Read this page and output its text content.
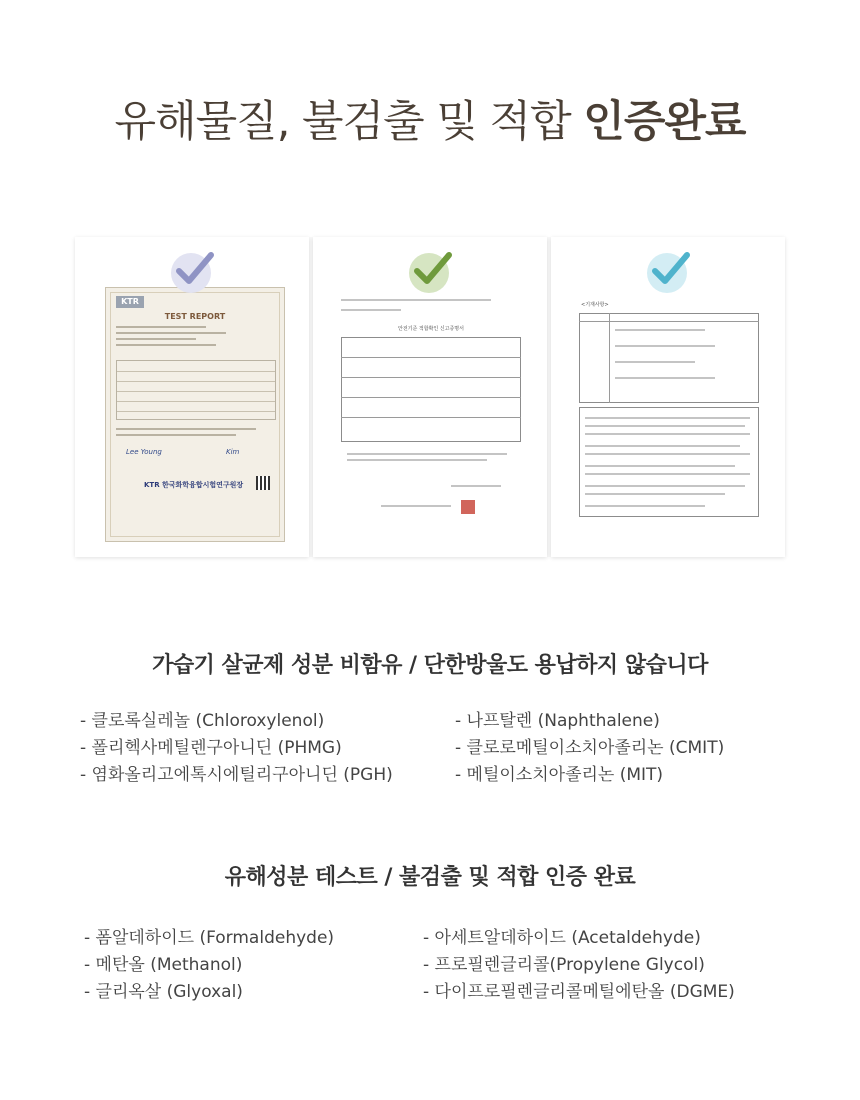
유해물질, 불검출 및 적합 인증완료
KTR
TEST REPORT
Lee Young	Kim
KTR 한국화학융합시험연구원장
안전기준 적합확인 신고증명서
<기재사항>
가습기 살균제 성분 비함유 / 단한방울도 용납하지 않습니다
- 클로록실레놀 (Chloroxylenol)
- 폴리헥사메틸렌구아니딘 (PHMG)
- 염화올리고에톡시에틸리구아니딘 (PGH)
- 나프탈렌 (Naphthalene)
- 클로로메틸이소치아졸리논 (CMIT)
- 메틸이소치아졸리논 (MIT)
유해성분 테스트 / 불검출 및 적합 인증 완료
- 폼알데하이드 (Formaldehyde)
- 메탄올 (Methanol)
- 글리옥살 (Glyoxal)
- 아세트알데하이드 (Acetaldehyde)
- 프로필렌글리콜(Propylene Glycol)
- 다이프로필렌글리콜메틸에탄올 (DGME)
